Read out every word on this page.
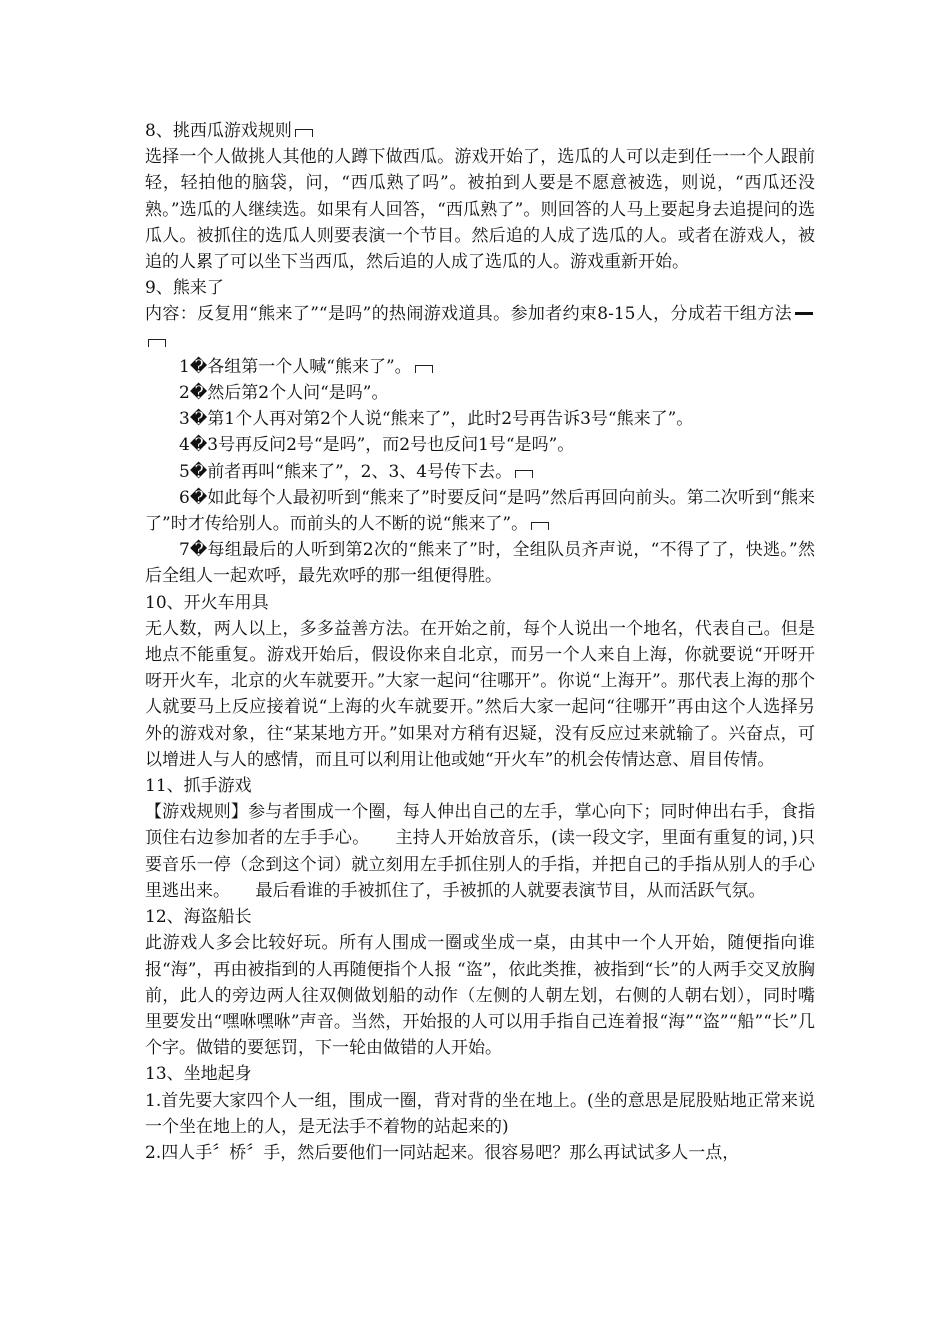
8、挑西瓜游戏规则

选择一个人做挑人其他的人蹲下做西瓜。游戏开始了，选瓜的人可以走到任一一个人跟前轻，轻拍他的脑袋，问，“西瓜熟了吗”。被拍到人要是不愿意被选，则说，“西瓜还没熟。”选瓜的人继续选。如果有人回答，“西瓜熟了”。则回答的人马上要起身去追提问的选瓜人。被抓住的选瓜人则要表演一个节目。然后追的人成了选瓜的人。或者在游戏人，被追的人累了可以坐下当西瓜，然后追的人成了选瓜的人。游戏重新开始。

9、熊来了

内容：反复用“熊来了”“是吗”的热闹游戏道具。参加者约束8-15人，分成若干组方法

1�各组第一个人喊“熊来了”。

2�然后第2个人问“是吗”。

3�第1个人再对第2个人说“熊来了”，此时2号再告诉3号“熊来了”。

4�3号再反问2号“是吗”，而2号也反问1号“是吗”。

5�前者再叫“熊来了”，2、3、4号传下去。

6�如此每个人最初听到“熊来了”时要反问“是吗”然后再回向前头。第二次听到“熊来了”时才传给别人。而前头的人不断的说“熊来了”。

7�每组最后的人听到第2次的“熊来了”时，全组队员齐声说，“不得了了，快逃。”然后全组人一起欢呼，最先欢呼的那一组便得胜。

10、开火车用具

无人数，两人以上，多多益善方法。在开始之前，每个人说出一个地名，代表自己。但是地点不能重复。游戏开始后，假设你来自北京，而另一个人来自上海，你就要说“开呀开呀开火车，北京的火车就要开。”大家一起问“往哪开”。你说“上海开”。那代表上海的那个人就要马上反应接着说“上海的火车就要开。”然后大家一起问“往哪开”再由这个人选择另外的游戏对象，往“某某地方开。”如果对方稍有迟疑，没有反应过来就输了。兴奋点，可以增进人与人的感情，而且可以利用让他或她“开火车”的机会传情达意、眉目传情。

11、抓手游戏

【游戏规则】参与者围成一个圈，每人伸出自己的左手，掌心向下；同时伸出右手，食指顶住右边参加者的左手手心。　　主持人开始放音乐，(读一段文字，里面有重复的词，)只要音乐一停（念到这个词）就立刻用左手抓住别人的手指，并把自己的手指从别人的手心里逃出来。　　最后看谁的手被抓住了，手被抓的人就要表演节目，从而活跃气氛。

12、海盗船长

此游戏人多会比较好玩。所有人围成一圈或坐成一桌，由其中一个人开始，随便指向谁报“海”，再由被指到的人再随便指个人报 “盗”，依此类推，被指到“长”的人两手交叉放胸前，此人的旁边两人往双侧做划船的动作（左侧的人朝左划，右侧的人朝右划），同时嘴里要发出“嘿咻嘿咻”声音。当然，开始报的人可以用手指自己连着报“海”“盗”“船”“长”几个字。做错的要惩罚，下一轮由做错的人开始。

13、坐地起身

1.首先要大家四个人一组，围成一圈，背对背的坐在地上。(坐的意思是屁股贴地正常来说一个坐在地上的人，是无法手不着物的站起来的)

2.四人手〞桥〞手，然后要他们一同站起来。很容易吧？那么再试试多人一点，
